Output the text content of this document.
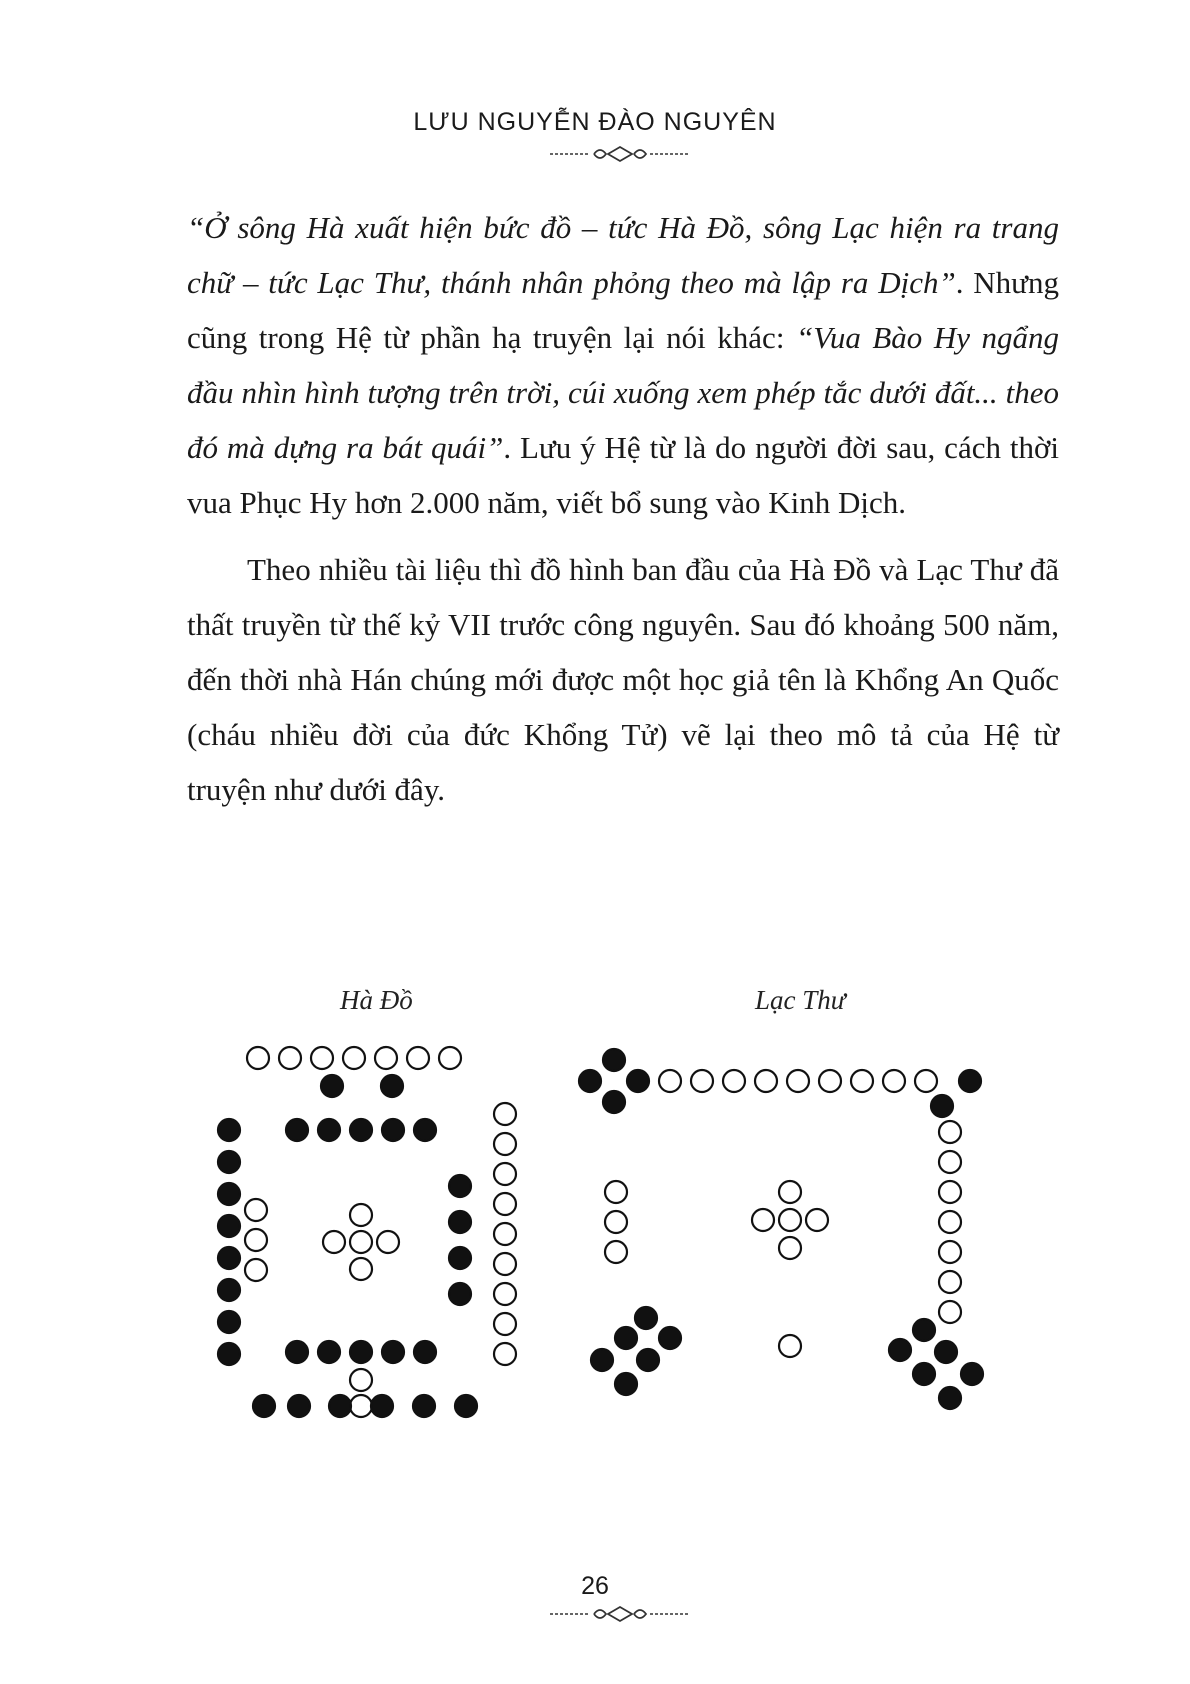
LƯU NGUYỄN ĐÀO NGUYÊN

“Ở sông Hà xuất hiện bức đồ – tức Hà Đồ, sông Lạc hiện ra trang chữ – tức Lạc Thư, thánh nhân phỏng theo mà lập ra Dịch”. Nhưng cũng trong Hệ từ phần hạ truyện lại nói khác: “Vua Bào Hy ngẩng đầu nhìn hình tượng trên trời, cúi xuống xem phép tắc dưới đất... theo đó mà dựng ra bát quái”. Lưu ý Hệ từ là do người đời sau, cách thời vua Phục Hy hơn 2.000 năm, viết bổ sung vào Kinh Dịch.

Theo nhiều tài liệu thì đồ hình ban đầu của Hà Đồ và Lạc Thư đã thất truyền từ thế kỷ VII trước công nguyên. Sau đó khoảng 500 năm, đến thời nhà Hán chúng mới được một học giả tên là Khổng An Quốc (cháu nhiều đời của đức Khổng Tử) vẽ lại theo mô tả của Hệ từ truyện như dưới đây.

Hà Đồ	Lạc Thư
26
